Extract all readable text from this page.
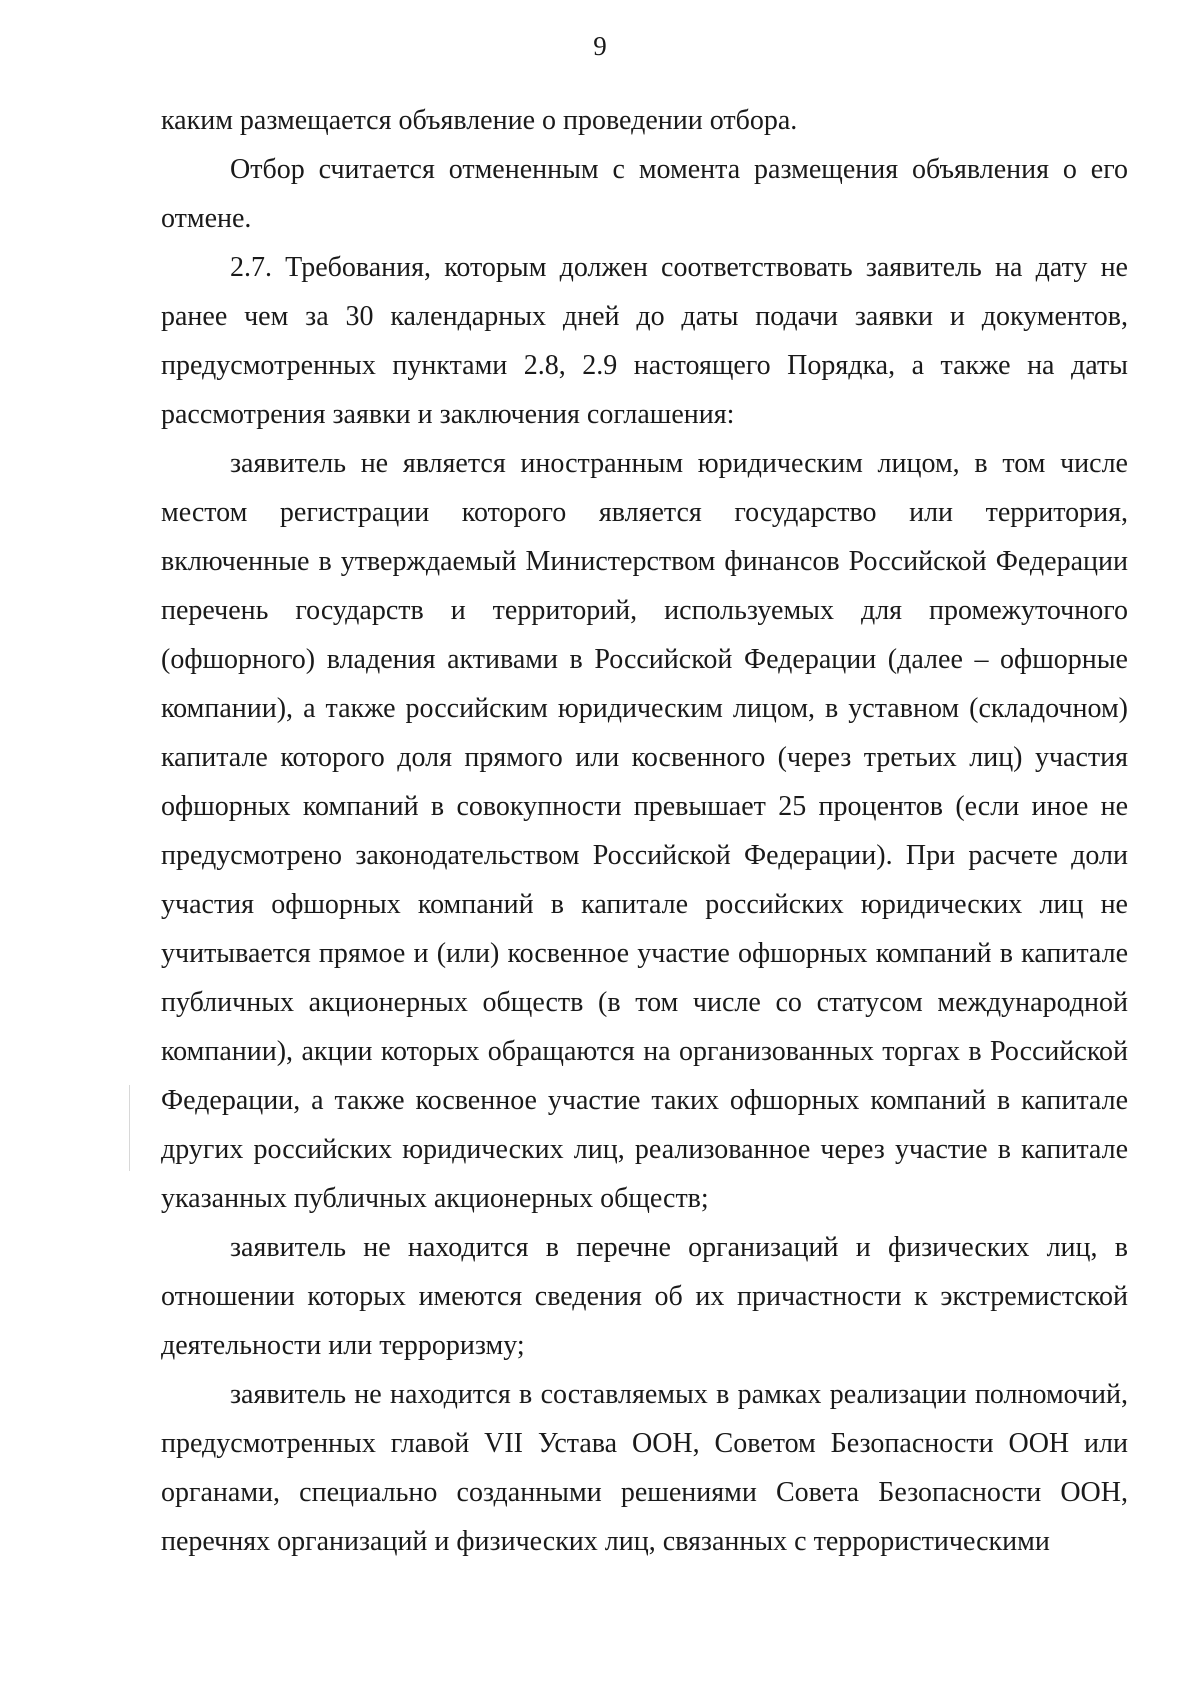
9

каким размещается объявление о проведении отбора.

Отбор считается отмененным с момента размещения объявления о его отмене.

2.7. Требования, которым должен соответствовать заявитель на дату не ранее чем за 30 календарных дней до даты подачи заявки и документов, предусмотренных пунктами 2.8, 2.9 настоящего Порядка, а также на даты рассмотрения заявки и заключения соглашения:

заявитель не является иностранным юридическим лицом, в том числе местом регистрации которого является государство или территория, включенные в утверждаемый Министерством финансов Российской Федерации перечень государств и территорий, используемых для промежуточного (офшорного) владения активами в Российской Федерации (далее – офшорные компании), а также российским юридическим лицом, в уставном (складочном) капитале которого доля прямого или косвенного (через третьих лиц) участия офшорных компаний в совокупности превышает 25 процентов (если иное не предусмотрено законодательством Российской Федерации). При расчете доли участия офшорных компаний в капитале российских юридических лиц не учитывается прямое и (или) косвенное участие офшорных компаний в капитале публичных акционерных обществ (в том числе со статусом международной компании), акции которых обращаются на организованных торгах в Российской Федерации, а также косвенное участие таких офшорных компаний в капитале других российских юридических лиц, реализованное через участие в капитале указанных публичных акционерных обществ;

заявитель не находится в перечне организаций и физических лиц, в отношении которых имеются сведения об их причастности к экстремистской деятельности или терроризму;

заявитель не находится в составляемых в рамках реализации полномочий, предусмотренных главой VII Устава ООН, Советом Безопасности ООН или органами, специально созданными решениями Совета Безопасности ООН, перечнях организаций и физических лиц, связанных с террористическими
